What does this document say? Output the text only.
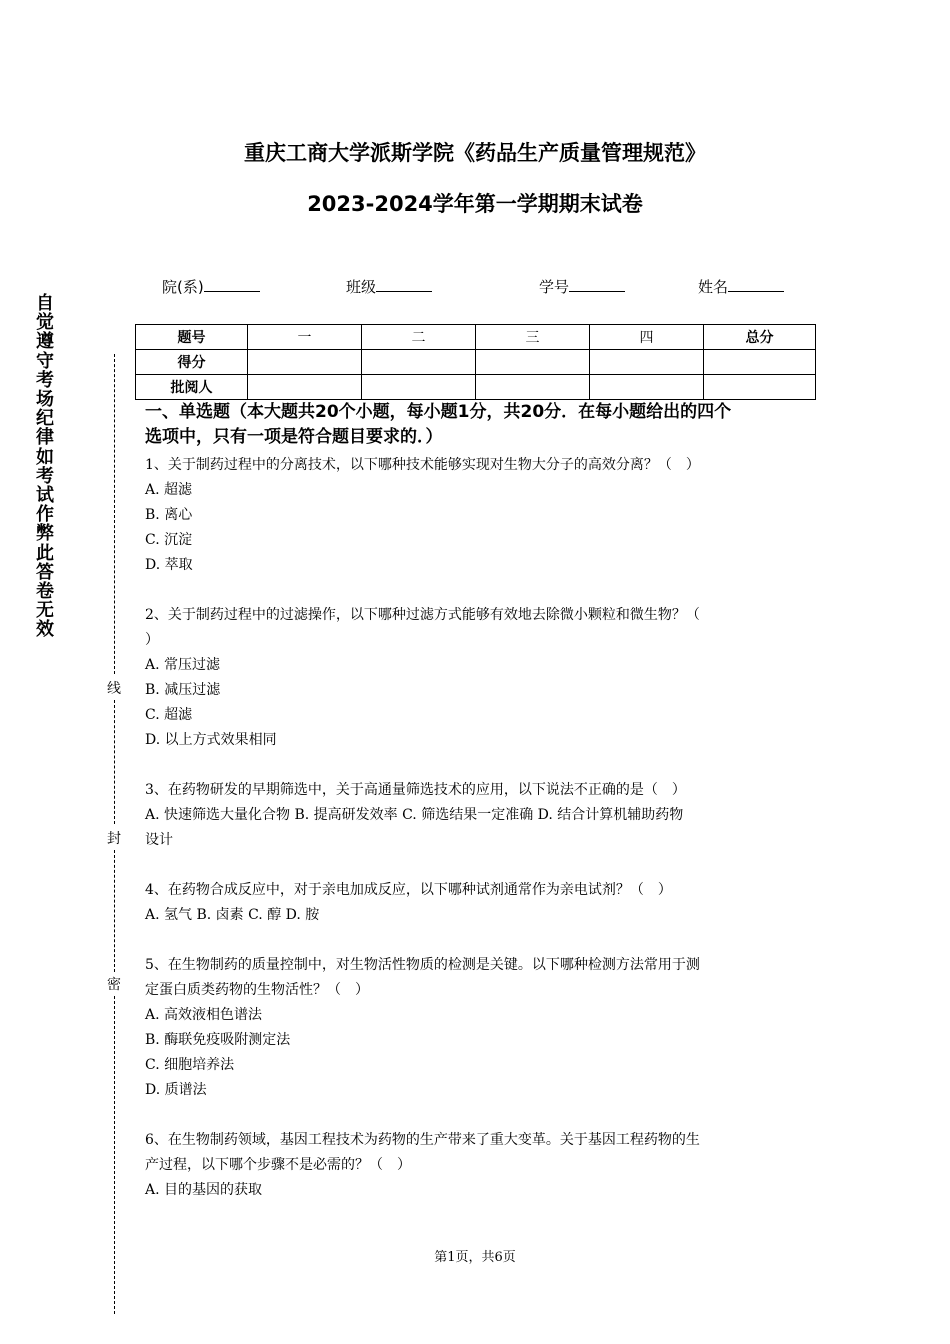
重庆工商大学派斯学院《药品生产质量管理规范》
2023-2024学年第一学期期末试卷
院(系)	班级	学号	姓名
题号	一	二	三	四	总分
得分					
批阅人					
自觉遵守考场纪律如考试作弊此答卷无效
线
封
密
一、单选题（本大题共20个小题，每小题1分，共20分．在每小题给出的四个
选项中，只有一项是符合题目要求的．）
1、关于制药过程中的分离技术，以下哪种技术能够实现对生物大分子的高效分离？（　）
A. 超滤
B. 离心
C. 沉淀
D. 萃取
2、关于制药过程中的过滤操作，以下哪种过滤方式能够有效地去除微小颗粒和微生物？（
）
A. 常压过滤
B. 减压过滤
C. 超滤
D. 以上方式效果相同
3、在药物研发的早期筛选中，关于高通量筛选技术的应用，以下说法不正确的是（　）
A. 快速筛选大量化合物 B. 提高研发效率 C. 筛选结果一定准确 D. 结合计算机辅助药物
设计
4、在药物合成反应中，对于亲电加成反应，以下哪种试剂通常作为亲电试剂？（　）
A. 氢气 B. 卤素 C. 醇 D. 胺
5、在生物制药的质量控制中，对生物活性物质的检测是关键。以下哪种检测方法常用于测
定蛋白质类药物的生物活性？（　）
A. 高效液相色谱法
B. 酶联免疫吸附测定法
C. 细胞培养法
D. 质谱法
6、在生物制药领域，基因工程技术为药物的生产带来了重大变革。关于基因工程药物的生
产过程，以下哪个步骤不是必需的？（　）
A. 目的基因的获取
第1页，共6页
